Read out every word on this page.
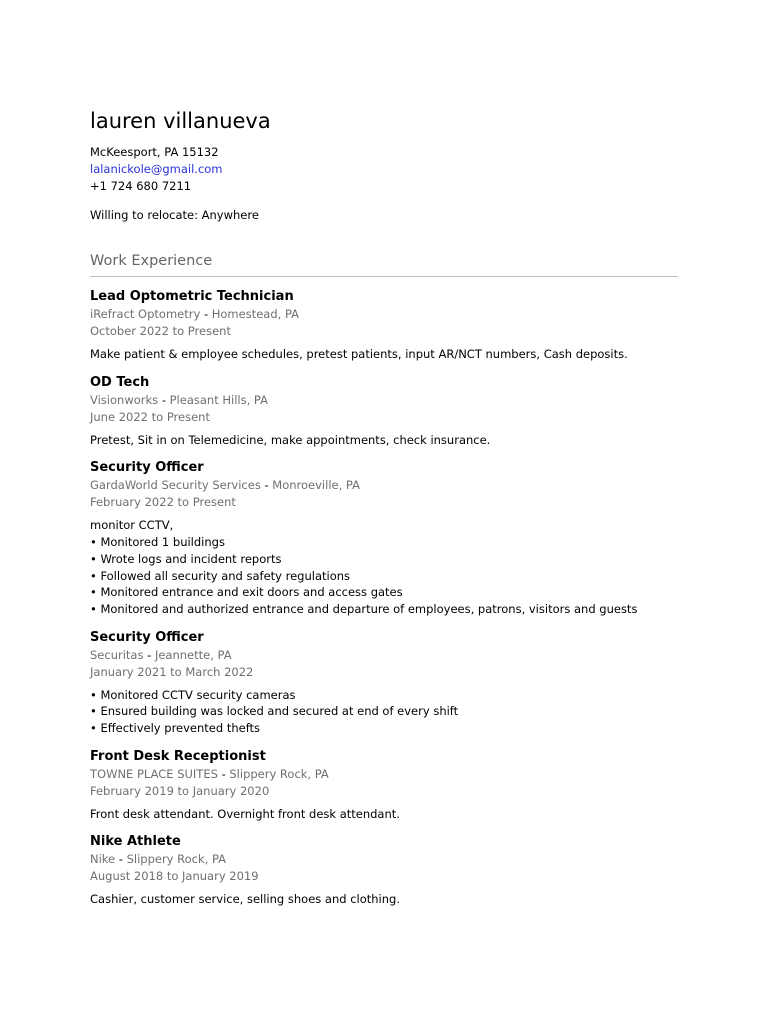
lauren villanueva
McKeesport, PA 15132
lalanickole@gmail.com
+1 724 680 7211
Willing to relocate: Anywhere
Work Experience
Lead Optometric Technician
iRefract Optometry - Homestead, PA
October 2022 to Present
Make patient & employee schedules, pretest patients, input AR/NCT numbers, Cash deposits.
OD Tech
Visionworks - Pleasant Hills, PA
June 2022 to Present
Pretest, Sit in on Telemedicine, make appointments, check insurance.
Security Officer
GardaWorld Security Services - Monroeville, PA
February 2022 to Present
monitor CCTV,
• Monitored 1 buildings
• Wrote logs and incident reports
• Followed all security and safety regulations
• Monitored entrance and exit doors and access gates
• Monitored and authorized entrance and departure of employees, patrons, visitors and guests
Security Officer
Securitas - Jeannette, PA
January 2021 to March 2022
• Monitored CCTV security cameras
• Ensured building was locked and secured at end of every shift
• Effectively prevented thefts
Front Desk Receptionist
TOWNE PLACE SUITES - Slippery Rock, PA
February 2019 to January 2020
Front desk attendant. Overnight front desk attendant.
Nike Athlete
Nike - Slippery Rock, PA
August 2018 to January 2019
Cashier, customer service, selling shoes and clothing.
